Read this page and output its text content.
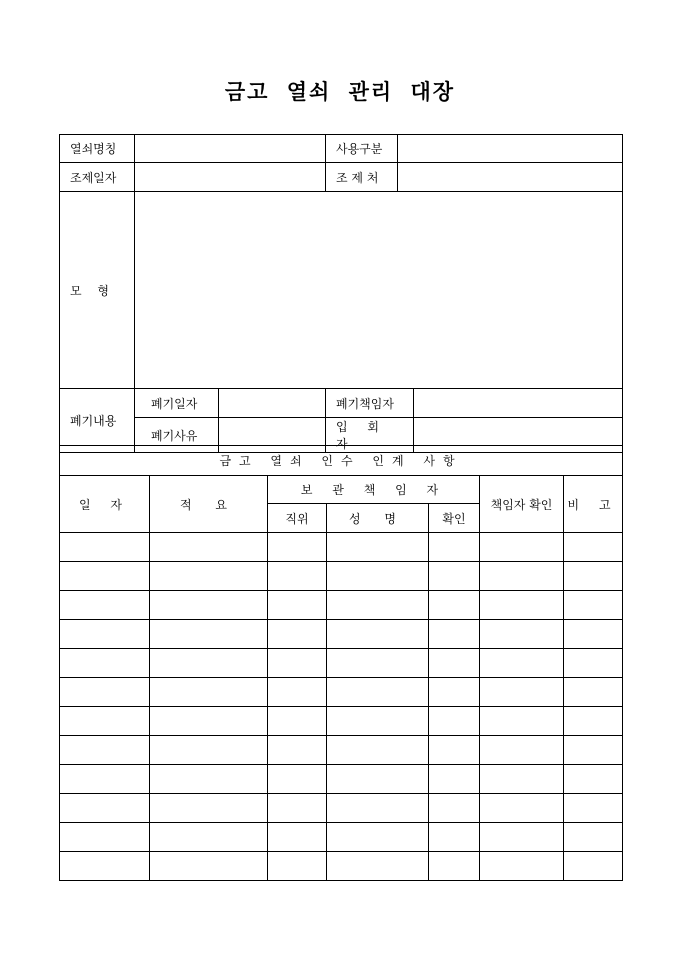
금고 열쇠 관리 대장
열쇠명칭			사용구분		
조제일자			조 제 처		
모　 형					
폐기내용	폐기일자		폐기책임자		
	폐기사유		입 회 자		
금고 열쇠 인수 인계 사항						
일 자	적 요	보 관 책 임 자			책임자 확인	비 고
		직위	성 명	확인		
